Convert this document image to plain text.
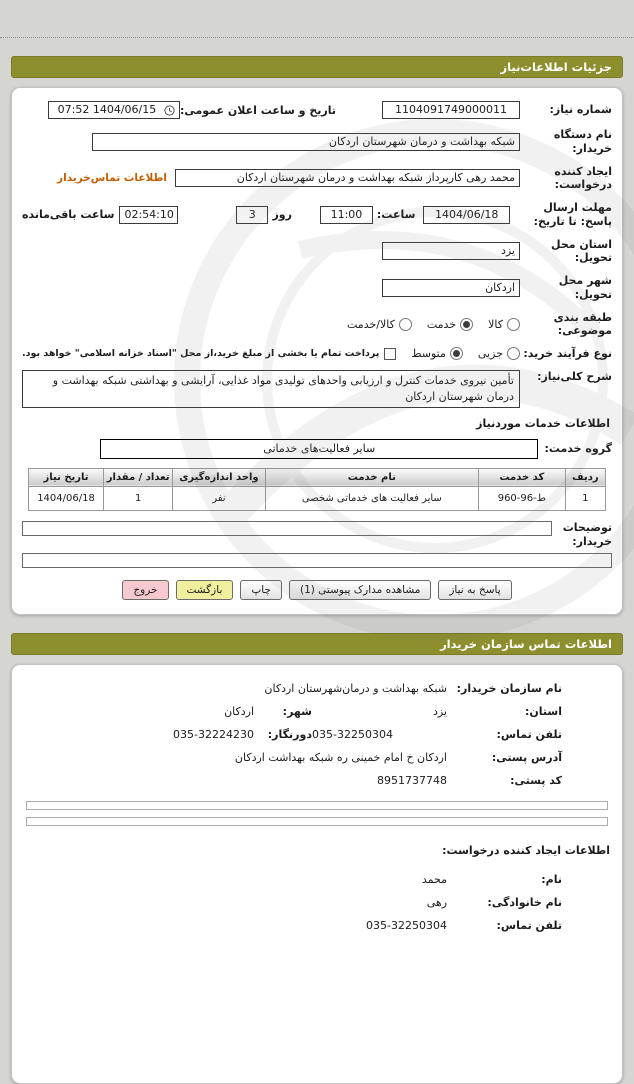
جزئیات اطلاعات‌نیاز
شماره نیاز:
1104091749000011
تاریخ و ساعت اعلان عمومی:
1404/06/15 07:52
نام دستگاه خریدار:
شبکه بهداشت و درمان شهرستان اردکان
ایجاد کننده درخواست:
محمد رهی کارپرداز شبکه بهداشت و درمان شهرستان اردکان
اطلاعات تماس‌خریدار
مهلت ارسال پاسخ: تا تاریخ:
1404/06/18
ساعت:
11:00
روز
3
02:54:10
ساعت باقی‌مانده
استان محل تحویل:
یزد
شهر محل تحویل:
اردکان
طبقه بندی موضوعی:
کالا
خدمت
کالا/خدمت
نوع فرآیند خرید:
جزیی
متوسط
پرداخت تمام یا بخشی از مبلغ خرید،از محل "اسناد خزانه اسلامی" خواهد بود.
شرح کلی‌نیاز:
تأمین نیروی خدمات کنترل و ارزیابی واحدهای تولیدی مواد غذایی، آرایشی و بهداشتی شبکه بهداشت و درمان شهرستان اردکان
اطلاعات خدمات موردنیاز
گروه خدمت:
سایر فعالیت‌های خدماتی
ردیف	کد خدمت	نام خدمت	واحد اندازه‌گیری	تعداد / مقدار	تاریخ نیاز
1	ط-96-960	سایر فعالیت های خدماتی شخصی	نفر	1	1404/06/18
توضیحات
خریدار:
پاسخ به نیاز
مشاهده مدارک پیوستی (1)
چاپ
بازگشت
خروج
اطلاعات تماس سازمان خریدار
نام سازمان خریدار:
شبکه بهداشت و درمان‌شهرستان اردکان
استان:
یزد
شهر:
اردکان
تلفن تماس:
035-32250304
دورنگار:
035-32224230
آدرس پستی:
اردکان خ امام خمینی ره شبکه بهداشت اردکان
کد پستی:
8951737748
اطلاعات ایجاد کننده درخواست:
نام:
محمد
نام خانوادگی:
رهی
تلفن تماس:
035-32250304
